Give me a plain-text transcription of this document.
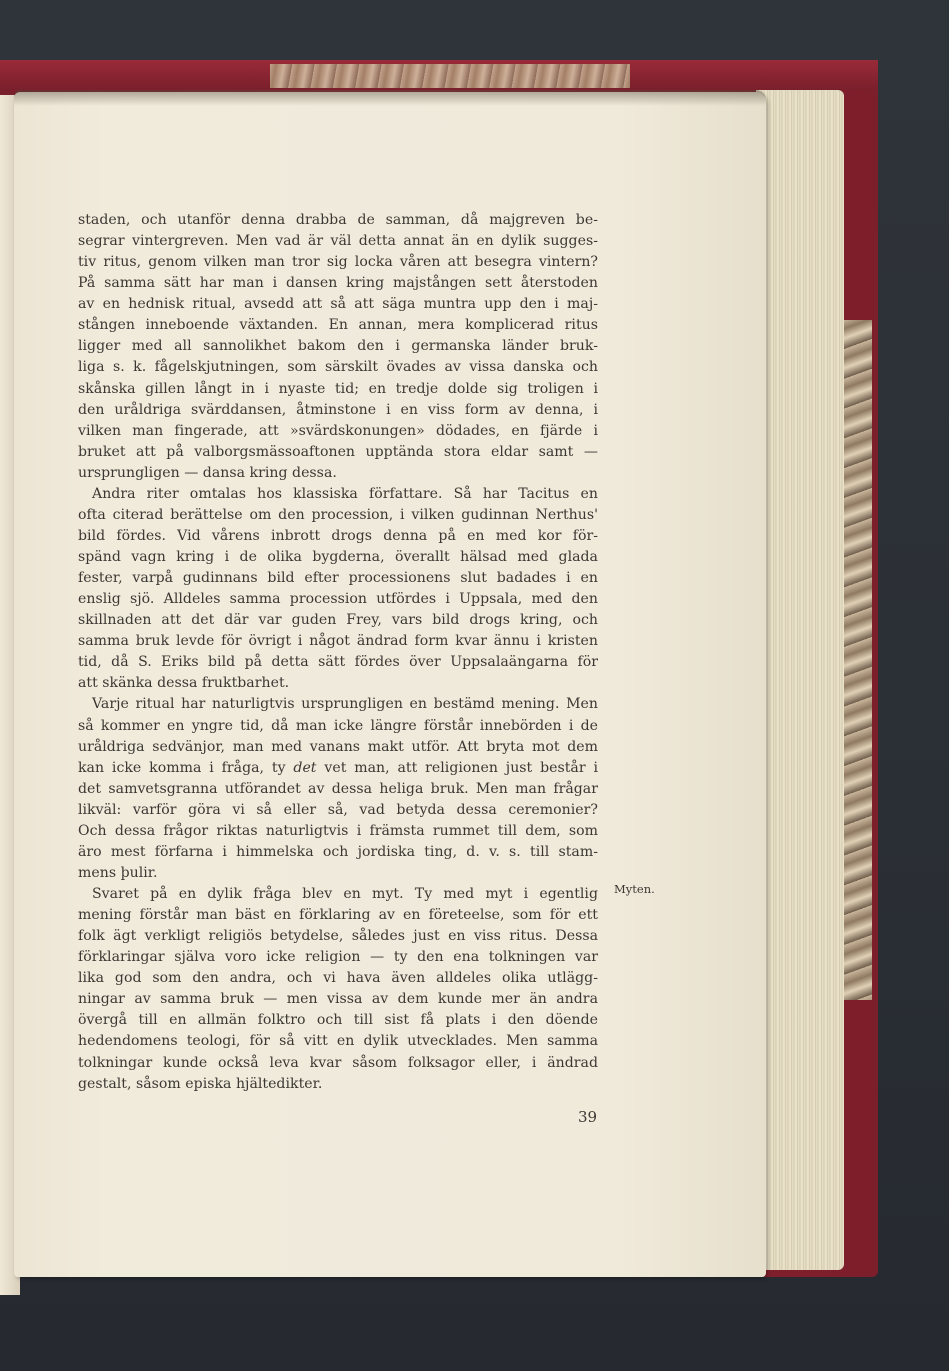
staden, och utanför denna drabba de samman, då majgreven be-
segrar vintergreven. Men vad är väl detta annat än en dylik sugges-
tiv ritus, genom vilken man tror sig locka våren att besegra vintern?
På samma sätt har man i dansen kring majstången sett återstoden
av en hednisk ritual, avsedd att så att säga muntra upp den i maj-
stången inneboende växtanden. En annan, mera komplicerad ritus
ligger med all sannolikhet bakom den i germanska länder bruk-
liga s. k. fågelskjutningen, som särskilt övades av vissa danska och
skånska gillen långt in i nyaste tid; en tredje dolde sig troligen i
den uråldriga svärddansen, åtminstone i en viss form av denna, i
vilken man fingerade, att »svärdskonungen» dödades, en fjärde i
bruket att på valborgsmässoaftonen upptända stora eldar samt —
ursprungligen — dansa kring dessa.
Andra riter omtalas hos klassiska författare. Så har Tacitus en
ofta citerad berättelse om den procession, i vilken gudinnan Nerthus'
bild fördes. Vid vårens inbrott drogs denna på en med kor för-
spänd vagn kring i de olika bygderna, överallt hälsad med glada
fester, varpå gudinnans bild efter processionens slut badades i en
enslig sjö. Alldeles samma procession utfördes i Uppsala, med den
skillnaden att det där var guden Frey, vars bild drogs kring, och
samma bruk levde för övrigt i något ändrad form kvar ännu i kristen
tid, då S. Eriks bild på detta sätt fördes över Uppsalaängarna för
att skänka dessa fruktbarhet.
Varje ritual har naturligtvis ursprungligen en bestämd mening. Men
så kommer en yngre tid, då man icke längre förstår innebörden i de
uråldriga sedvänjor, man med vanans makt utför. Att bryta mot dem
kan icke komma i fråga, ty det vet man, att religionen just består i
det samvetsgranna utförandet av dessa heliga bruk. Men man frågar
likväl: varför göra vi så eller så, vad betyda dessa ceremonier?
Och dessa frågor riktas naturligtvis i främsta rummet till dem, som
äro mest förfarna i himmelska och jordiska ting, d. v. s. till stam-
mens þulir.
Svaret på en dylik fråga blev en myt. Ty med myt i egentlig
mening förstår man bäst en förklaring av en företeelse, som för ett
folk ägt verkligt religiös betydelse, således just en viss ritus. Dessa
förklaringar själva voro icke religion — ty den ena tolkningen var
lika god som den andra, och vi hava även alldeles olika utlägg-
ningar av samma bruk — men vissa av dem kunde mer än andra
övergå till en allmän folktro och till sist få plats i den döende
hedendomens teologi, för så vitt en dylik utvecklades. Men samma
tolkningar kunde också leva kvar såsom folksagor eller, i ändrad
gestalt, såsom episka hjältedikter.
Myten.
39
